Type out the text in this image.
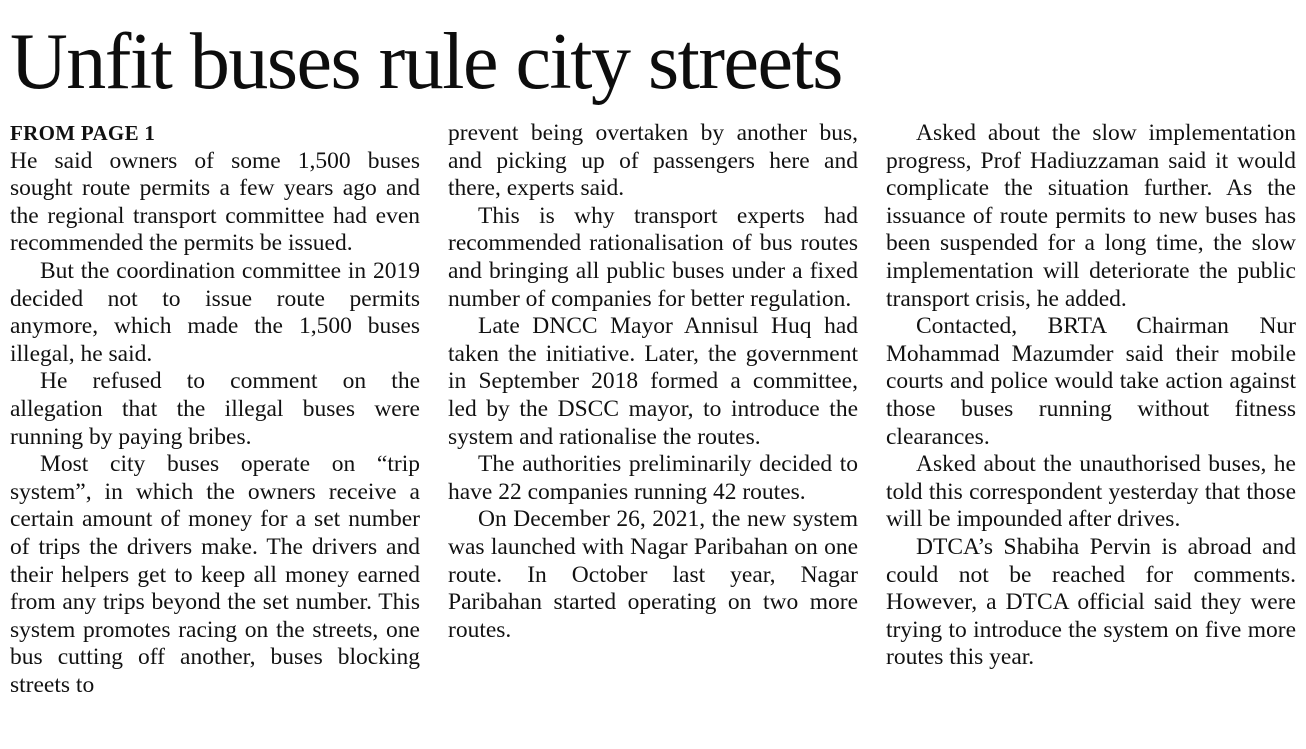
Unfit buses rule city streets
FROM PAGE 1

He said owners of some 1,500 buses sought route permits a few years ago and the regional transport committee had even recommended the permits be issued.

But the coordination committee in 2019 decided not to issue route permits anymore, which made the 1,500 buses illegal, he said.

He refused to comment on the allegation that the illegal buses were running by paying bribes.

Most city buses operate on “trip system”, in which the owners receive a certain amount of money for a set number of trips the drivers make. The drivers and their helpers get to keep all money earned from any trips beyond the set number. This system promotes racing on the streets, one bus cutting off another, buses blocking streets to

prevent being overtaken by another bus, and picking up of passengers here and there, experts said.

This is why transport experts had recommended rationalisation of bus routes and bringing all public buses under a fixed number of companies for better regulation.

Late DNCC Mayor Annisul Huq had taken the initiative. Later, the government in September 2018 formed a committee, led by the DSCC mayor, to introduce the system and rationalise the routes.

The authorities preliminarily decided to have 22 companies running 42 routes.

On December 26, 2021, the new system was launched with Nagar Paribahan on one route. In October last year, Nagar Paribahan started operating on two more routes.

Asked about the slow implementation progress, Prof Hadiuzzaman said it would complicate the situation further. As the issuance of route permits to new buses has been suspended for a long time, the slow implementation will deteriorate the public transport crisis, he added.

Contacted, BRTA Chairman Nur Mohammad Mazumder said their mobile courts and police would take action against those buses running without fitness clearances.

Asked about the unauthorised buses, he told this correspondent yesterday that those will be impounded after drives.

DTCA’s Shabiha Pervin is abroad and could not be reached for comments. However, a DTCA official said they were trying to introduce the system on five more routes this year.
